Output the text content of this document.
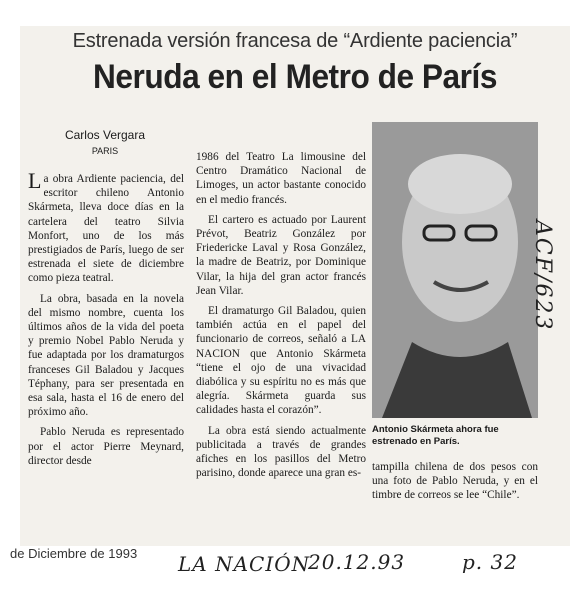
Estrenada versión francesa de “Ardiente paciencia”
Neruda en el Metro de París
Carlos Vergara
PARIS

La obra Ardiente paciencia, del escritor chileno Antonio Skármeta, lleva doce días en la cartelera del teatro Silvia Monfort, uno de los más prestigiados de París, luego de ser estrenada el siete de diciembre como pieza teatral.

La obra, basada en la novela del mismo nombre, cuenta los últimos años de la vida del poeta y premio Nobel Pablo Neruda y fue adaptada por los dramaturgos franceses Gil Baladou y Jacques Téphany, para ser presentada en esa sala, hasta el 16 de enero del próximo año.

Pablo Neruda es representado por el actor Pierre Meynard, director desde

1986 del Teatro La limousine del Centro Dramático Nacional de Limoges, un actor bastante conocido en el medio francés.

El cartero es actuado por Laurent Prévot, Beatriz González por Friedericke Laval y Rosa González, la madre de Beatriz, por Dominique Vilar, la hija del gran actor francés Jean Vilar.

El dramaturgo Gil Baladou, quien también actúa en el papel del funcionario de correos, señaló a LA NACION que Antonio Skármeta “tiene el ojo de una vivacidad diabólica y su espíritu no es más que alegría. Skármeta guarda sus calidades hasta el corazón”.

La obra está siendo actualmente publicitada a través de grandes afiches en los pasillos del Metro parisino, donde aparece una gran es-

Antonio Skármeta ahora fue estrenado en París.

tampilla chilena de dos pesos con una foto de Pablo Neruda, y en el timbre de correos se lee “Chile”.

de Diciembre de 1993 LA NACIÓN
20.12.93	p. 32
ACF/623
